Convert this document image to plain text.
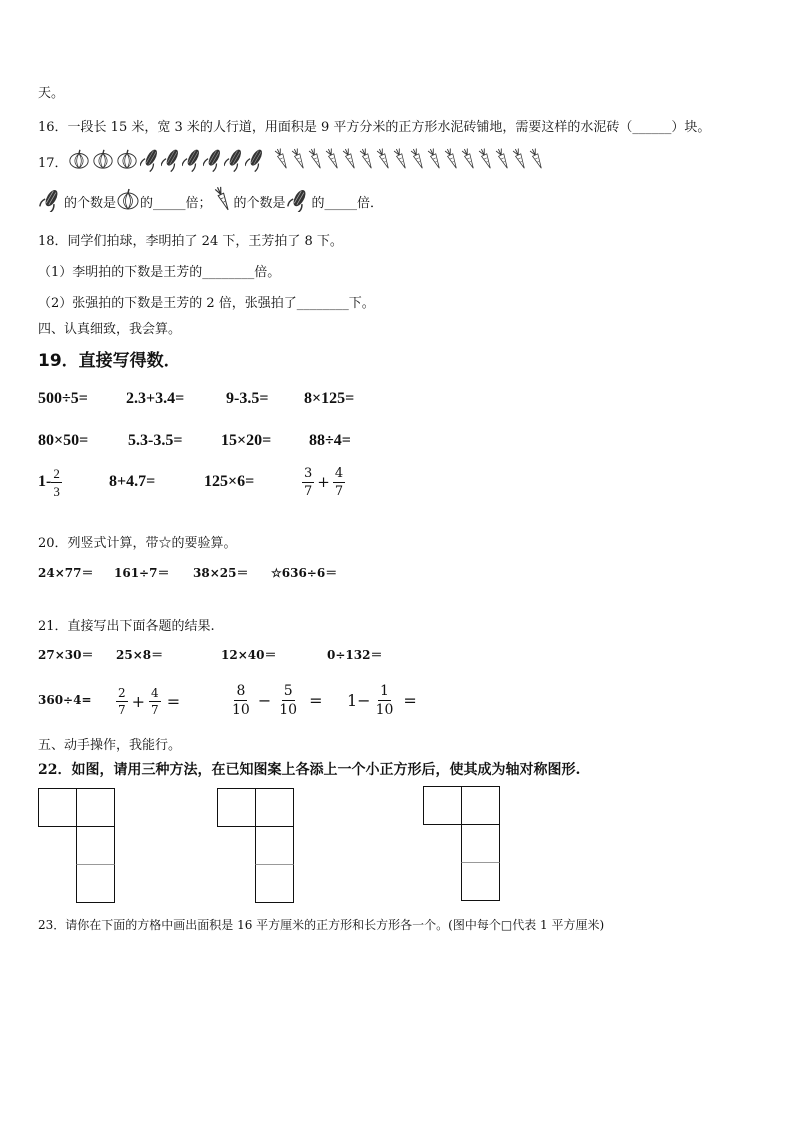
天。
16．一段长 15 米，宽 3 米的人行道，用面积是 9 平方分米的正方形水泥砖铺地，需要这样的水泥砖（______）块。
17．
的个数是 的_____倍； 的个数是 的_____倍．
18．同学们拍球，李明拍了 24 下，王芳拍了 8 下。
（1）李明拍的下数是王芳的________倍。
（2）张强拍的下数是王芳的 2 倍，张强拍了________下。
四、认真细致，我会算。
19．直接写得数．
500÷5= 2.3+3.4=	9-3.5= 8×125=
80×50= 5.3-3.5= 15×20= 88÷4=
$1- \frac{2}{3}$	8+4.7=	125×6=	$\frac{3}{7} + \frac{4}{7}$
20．列竖式计算，带☆的要验算。
24×77＝ 161÷7＝ 38×25＝ ☆636÷6＝
21．直接写出下面各题的结果.
27×30＝ 25×8＝	12×40＝	0÷132＝
$360\div 4= \frac{2}{7} + \frac{4}{7}$ =	$\frac{8}{10} - \frac{5}{10} = 1- \frac{1}{10}$ =
五、动手操作，我能行。
22．如图，请用三种方法，在已知图案上各添上一个小正方形后，使其成为轴对称图形.
23．请你在下面的方格中画出面积是 16 平方厘米的正方形和长方形各一个。(图中每个□代表 1 平方厘米)
